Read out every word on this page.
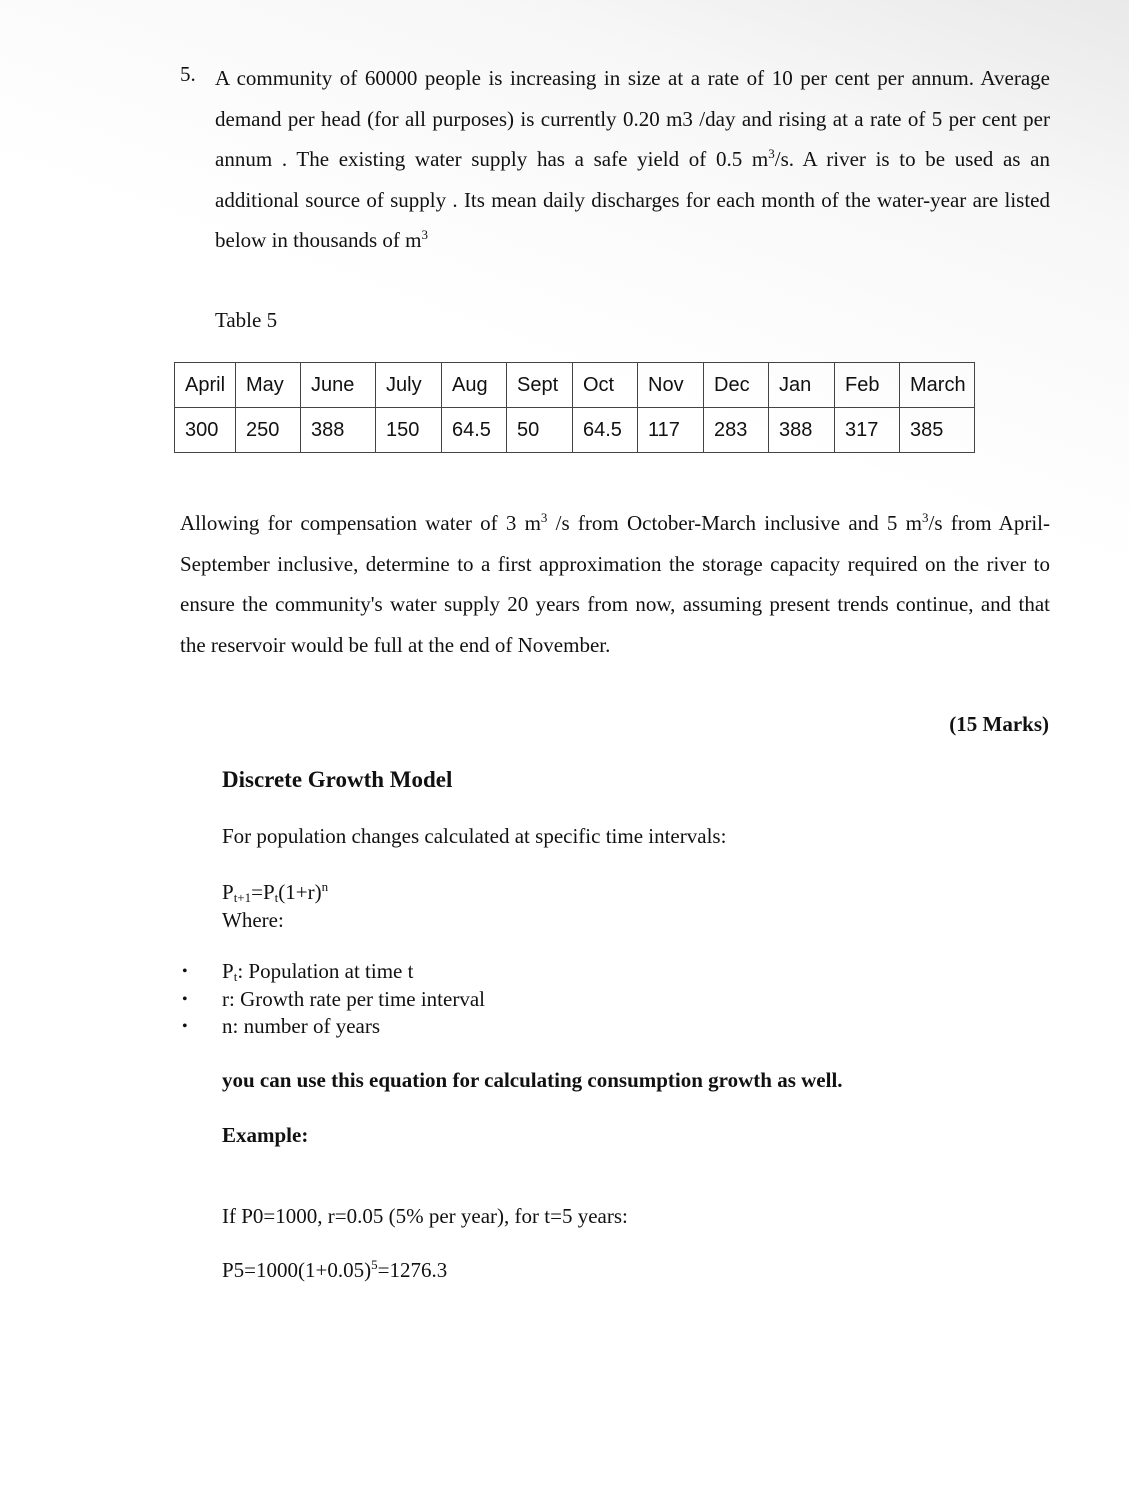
5. A community of 60000 people is increasing in size at a rate of 10 per cent per annum. Average demand per head (for all purposes) is currently 0.20 m3 /day and rising at a rate of 5 per cent per annum . The existing water supply has a safe yield of 0.5 $m^3/s$. A river is to be used as an additional source of supply . Its mean daily discharges for each month of the water-year are listed below in thousands of $m^3$
Table 5
April	May	June	July	Aug	Sept	Oct	Nov	Dec	Jan	Feb	March
300	250	388	150	64.5	50	64.5	117	283	388	317	385
Allowing for compensation water of 3 $m^3$ /s from October-March inclusive and 5 $m^3/s$ from April-September inclusive, determine to a first approximation the storage capacity required on the river to ensure the community's water supply 20 years from now, assuming present trends continue, and that the reservoir would be full at the end of November.
(15 Marks)
Discrete Growth Model
For population changes calculated at specific time intervals:
$P_{t+1}=P_t(1+r)^n$
Where:
• $P_t$: Population at time t
• r: Growth rate per time interval
• n: number of years
you can use this equation for calculating consumption growth as well.
Example:
If P0=1000, r=0.05 (5% per year), for t=5 years:
$P5=1000(1+0.05)^5=1276.3$
